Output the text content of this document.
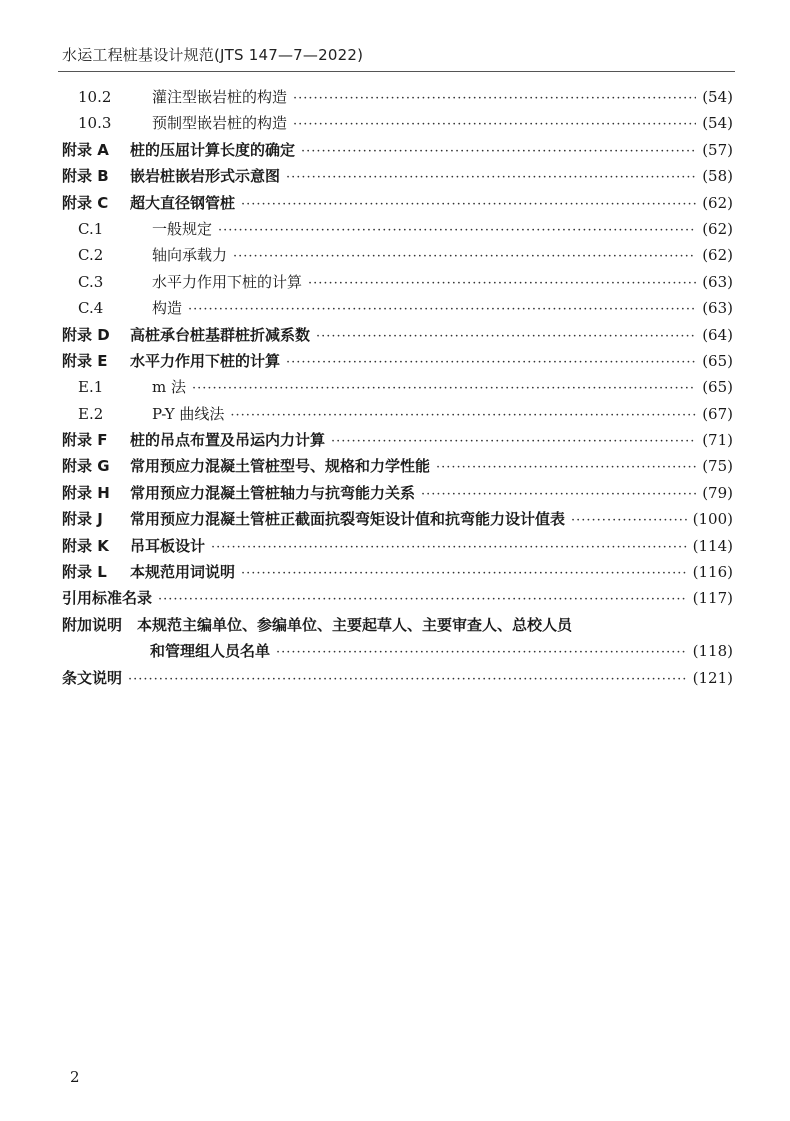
水运工程桩基设计规范(JTS 147—7—2022)
10.2	灌注型嵌岩桩的构造 ·····	(54)
10.3	预制型嵌岩桩的构造 ·····	(54)
附录 A	桩的压屈计算长度的确定 ·····	(57)
附录 B	嵌岩桩嵌岩形式示意图 ·····	(58)
附录 C	超大直径钢管桩 ·····	(62)
C.1	一般规定 ·····	(62)
C.2	轴向承载力 ·····	(62)
C.3	水平力作用下桩的计算 ·····	(63)
C.4	构造 ·····	(63)
附录 D	高桩承台桩基群桩折减系数 ·····	(64)
附录 E	水平力作用下桩的计算 ·····	(65)
E.1	m 法 ·····	(65)
E.2	P-Y 曲线法 ·····	(67)
附录 F	桩的吊点布置及吊运内力计算 ·····	(71)
附录 G	常用预应力混凝土管桩型号、规格和力学性能 ·····	(75)
附录 H	常用预应力混凝土管桩轴力与抗弯能力关系 ·····	(79)
附录 J	常用预应力混凝土管桩正截面抗裂弯矩设计值和抗弯能力设计值表 ·····	(100)
附录 K	吊耳板设计 ·····	(114)
附录 L	本规范用词说明 ·····	(116)
引用标准名录 ·····	(117)
附加说明　本规范主编单位、参编单位、主要起草人、主要审查人、总校人员
和管理组人员名单 ·····	(118)
条文说明 ·····	(121)
2
